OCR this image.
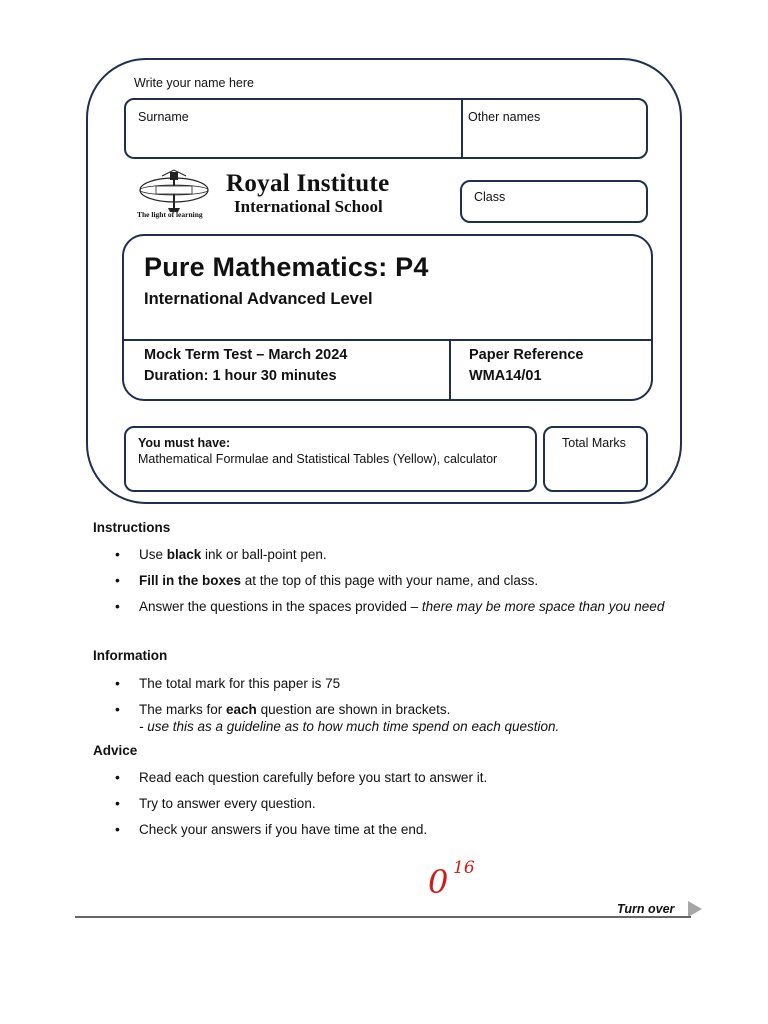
Write your name here
Surname	Other names
The light of learning
Royal Institute
International School	Class
Pure Mathematics: P4
International Advanced Level
Mock Term Test – March 2024
Duration: 1 hour 30 minutes
Paper Reference
WMA14/01
You must have:
Mathematical Formulae and Statistical Tables (Yellow), calculator
Total Marks
Instructions
• Use black ink or ball-point pen.
• Fill in the boxes at the top of this page with your name, and class.
• Answer the questions in the spaces provided – there may be more space than you need
Information
• The total mark for this paper is 75
• The marks for each question are shown in brackets.
- use this as a guideline as to how much time spend on each question.
Advice
• Read each question carefully before you start to answer it.
• Try to answer every question.
• Check your answers if you have time at the end.
0 16
Turn over
